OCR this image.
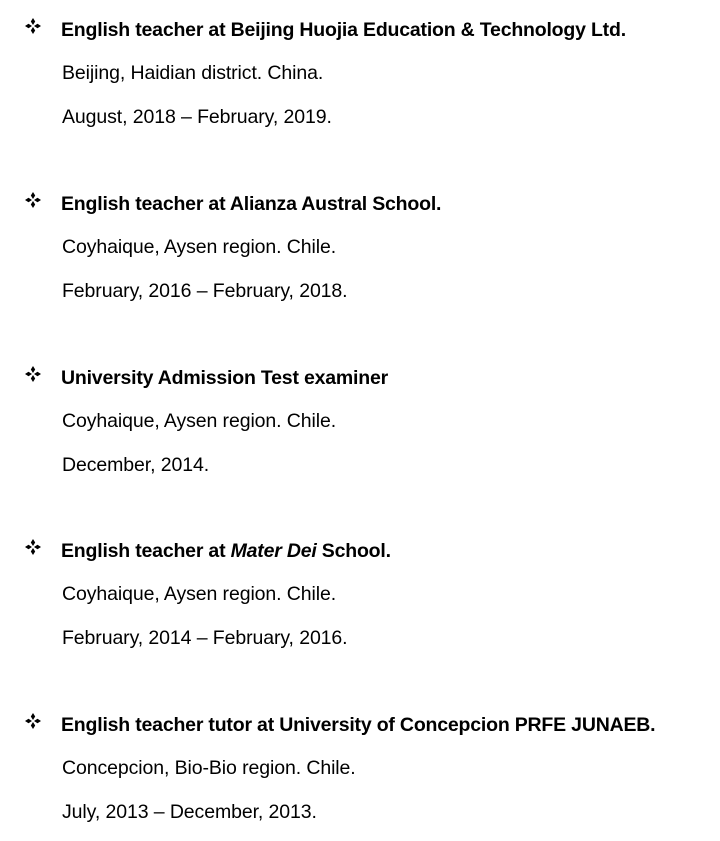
English teacher at Beijing Huojia Education & Technology Ltd.
Beijing, Haidian district. China.
August, 2018 – February, 2019.
English teacher at Alianza Austral School.
Coyhaique, Aysen region. Chile.
February, 2016 – February, 2018.
University Admission Test examiner
Coyhaique, Aysen region. Chile.
December, 2014.
English teacher at Mater Dei School.
Coyhaique, Aysen region. Chile.
February, 2014 – February, 2016.
English teacher tutor at University of Concepcion PRFE JUNAEB.
Concepcion, Bio-Bio region. Chile.
July, 2013 – December, 2013.
